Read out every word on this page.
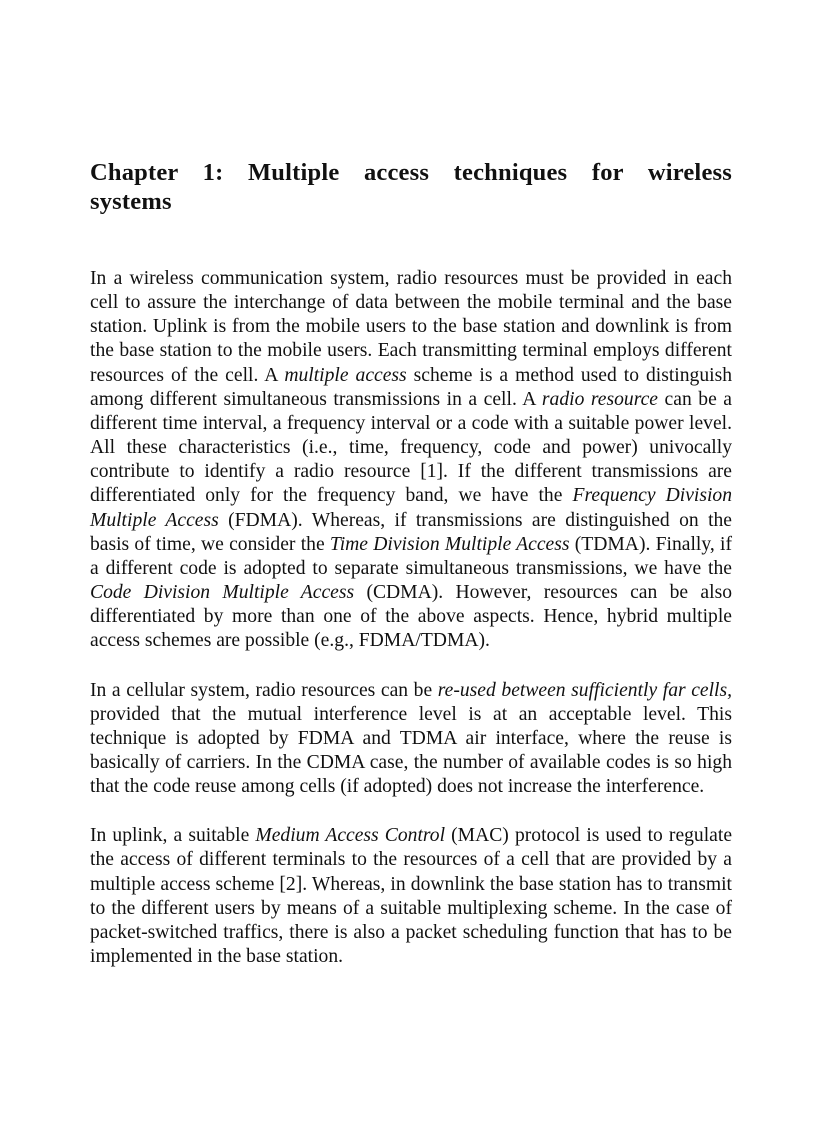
Chapter 1: Multiple access techniques for wireless systems

In a wireless communication system, radio resources must be provided in each cell to assure the interchange of data between the mobile terminal and the base station. Uplink is from the mobile users to the base station and downlink is from the base station to the mobile users. Each transmitting terminal employs different resources of the cell. A multiple access scheme is a method used to distinguish among different simultaneous transmissions in a cell. A radio resource can be a different time interval, a frequency interval or a code with a suitable power level. All these characteristics (i.e., time, frequency, code and power) univocally contribute to identify a radio resource [1]. If the different transmissions are differentiated only for the frequency band, we have the Frequency Division Multiple Access (FDMA). Whereas, if transmissions are distinguished on the basis of time, we consider the Time Division Multiple Access (TDMA). Finally, if a different code is adopted to separate simultaneous transmissions, we have the Code Division Multiple Access (CDMA). However, resources can be also differentiated by more than one of the above aspects. Hence, hybrid multiple access schemes are possible (e.g., FDMA/TDMA).

In a cellular system, radio resources can be re-used between sufficiently far cells, provided that the mutual interference level is at an acceptable level. This technique is adopted by FDMA and TDMA air interface, where the reuse is basically of carriers. In the CDMA case, the number of available codes is so high that the code reuse among cells (if adopted) does not increase the interference.

In uplink, a suitable Medium Access Control (MAC) protocol is used to regulate the access of different terminals to the resources of a cell that are provided by a multiple access scheme [2]. Whereas, in downlink the base station has to transmit to the different users by means of a suitable multiplexing scheme. In the case of packet-switched traffics, there is also a packet scheduling function that has to be implemented in the base station.
